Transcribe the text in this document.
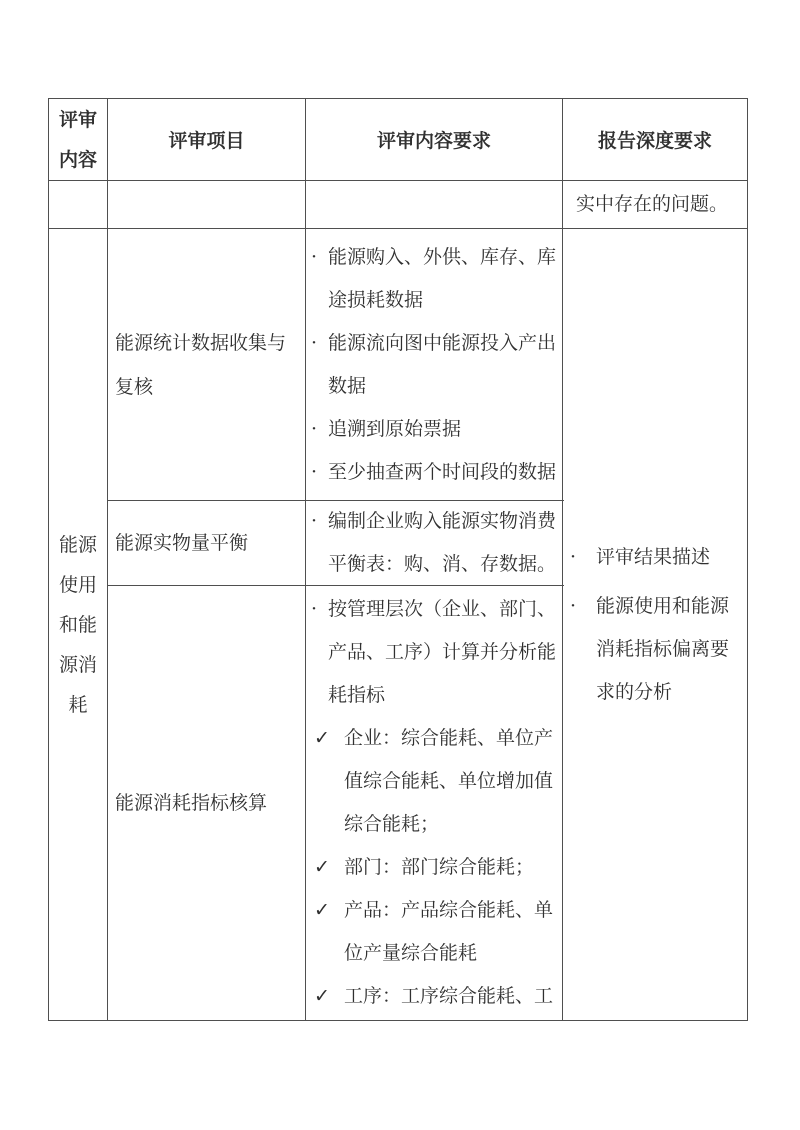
评审内容
评审项目	评审内容要求	报告深度要求
实中存在的问题。
能源使用和能源消耗
能源统计数据收集与复核
· 能源购入、外供、库存、库途损耗数据
· 能源流向图中能源投入产出数据
· 追溯到原始票据
· 至少抽查两个时间段的数据
能源实物量平衡
· 编制企业购入能源实物消费平衡表：购、消、存数据。
能源消耗指标核算
· 按管理层次（企业、部门、产品、工序）计算并分析能耗指标
✓ 企业：综合能耗、单位产值综合能耗、单位增加值综合能耗；
✓ 部门：部门综合能耗；
✓ 产品：产品综合能耗、单位产量综合能耗
✓ 工序：工序综合能耗、工
· 评审结果描述
· 能源使用和能源消耗指标偏离要求的分析
